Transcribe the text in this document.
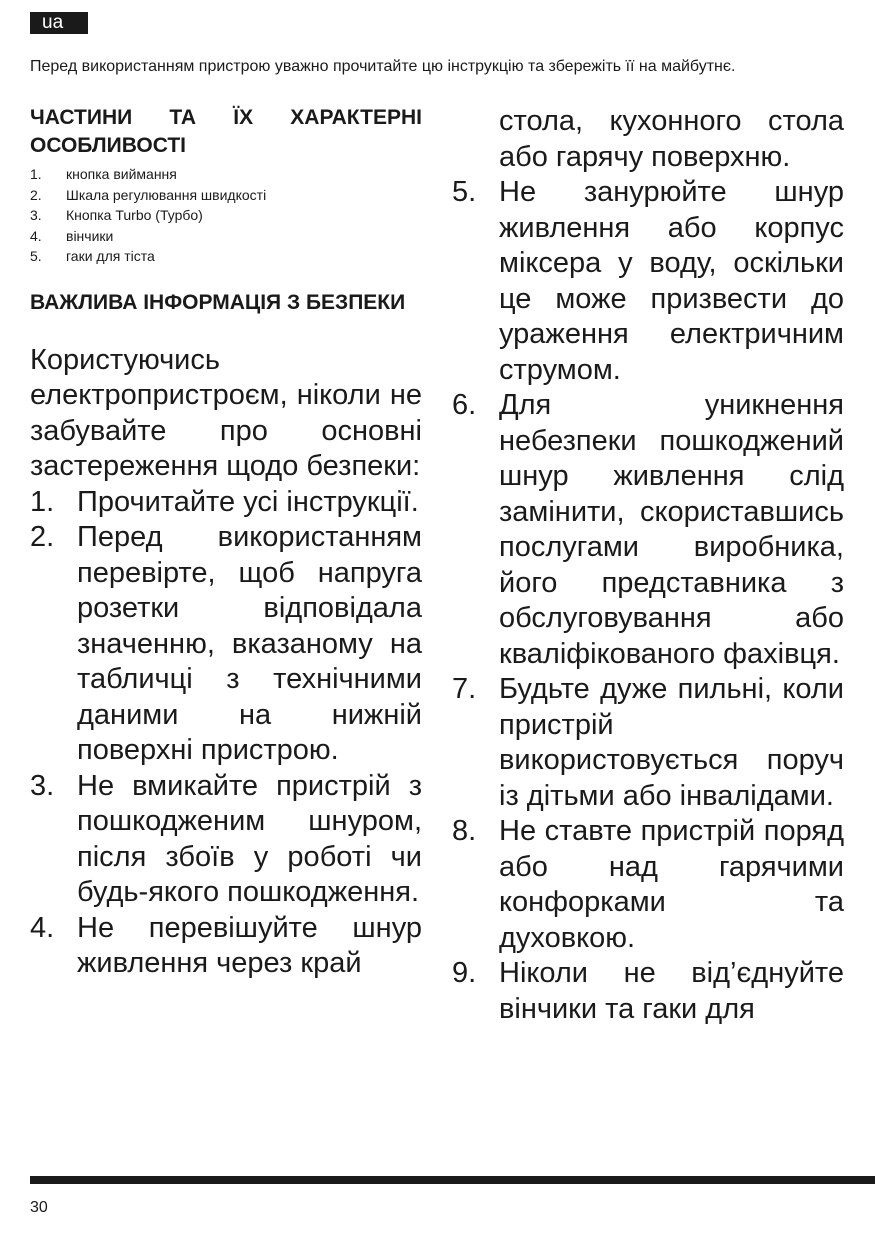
ua
Перед використанням пристрою уважно прочитайте цю інструкцію та збережіть її на майбутнє.
ЧАСТИНИ ТА ЇХ ХАРАКТЕРНІ ОСОБЛИВОСТІ
1.	кнопка виймання
2.	Шкала регулювання швидкості
3.	Кнопка Turbo (Турбо)
4.	вінчики
5.	гаки для тіста
ВАЖЛИВА ІНФОРМАЦІЯ З БЕЗПЕКИ

Користуючись електропристроєм, ніколи не забувайте про основні застереження щодо безпеки:

1. Прочитайте усі інструкції.
2. Перед використанням перевірте, щоб напруга розетки відповідала значенню, вказаному на табличці з технічними даними на нижній поверхні пристрою.
3. Не вмикайте пристрій з пошкодженим шнуром, після збоїв у роботі чи будь-якого пошкодження.
4. Не перевішуйте шнур живлення через край

стола, кухонного стола або гарячу поверхню.

5. Не занурюйте шнур живлення або корпус міксера у воду, оскільки це може призвести до ураження електричним струмом.
6. Для уникнення небезпеки пошкоджений шнур живлення слід замінити, скориставшись послугами виробника, його представника з обслуговування або кваліфікованого фахівця.
7. Будьте дуже пильні, коли пристрій використовується поруч із дітьми або інвалідами.
8. Не ставте пристрій поряд або над гарячими конфорками та духовкою.
9. Ніколи не від’єднуйте вінчики та гаки для
30
